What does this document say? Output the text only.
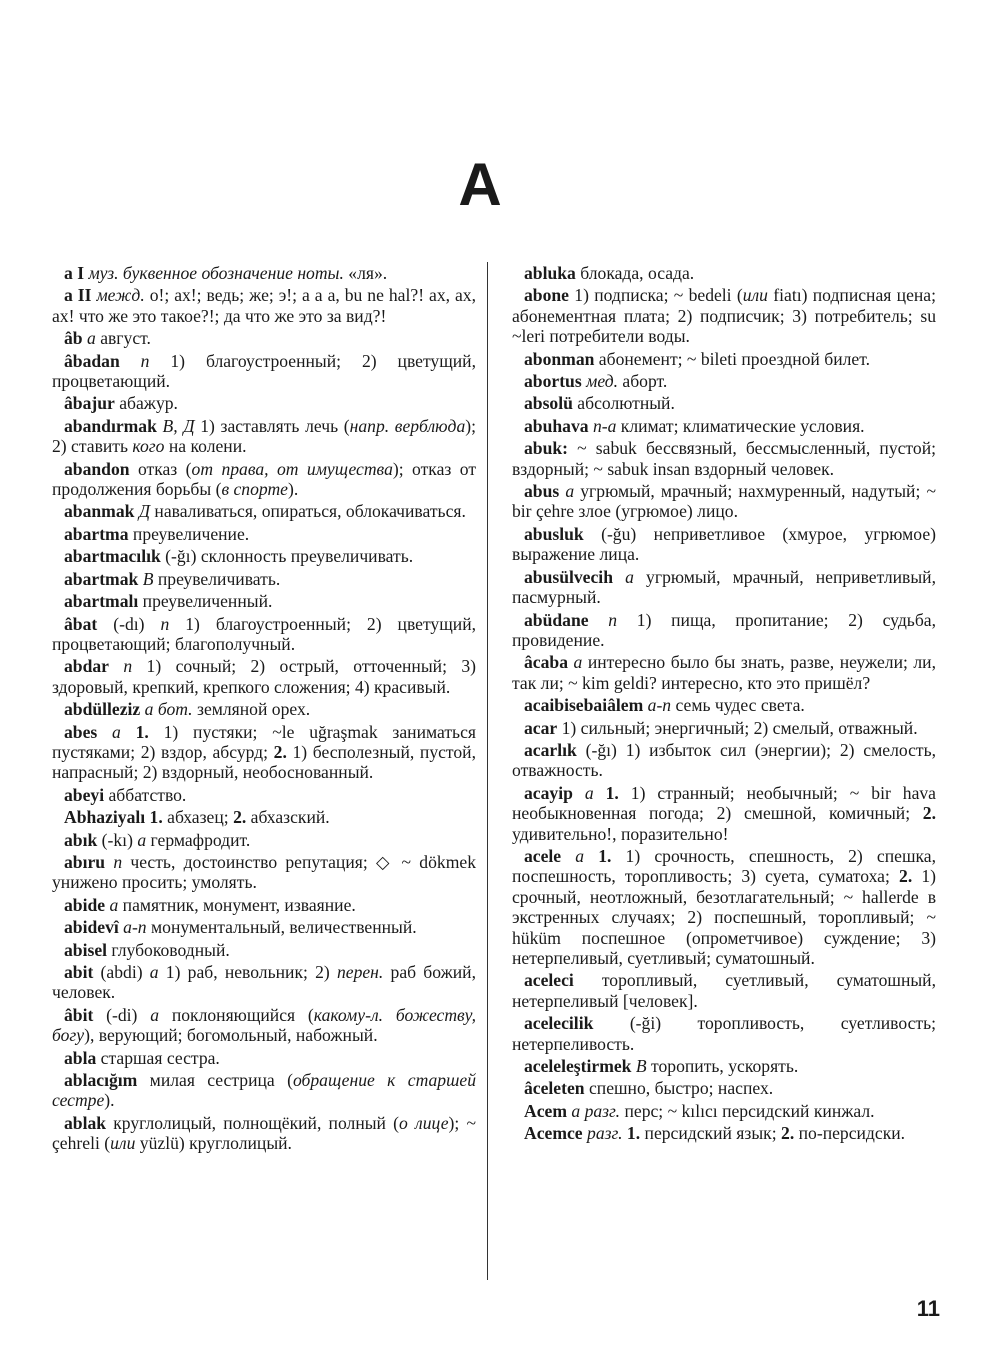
A

a I муз. буквенное обозначение ноты. «ля».

a II межд. о!; ах!; ведь; же; э!; а а а, bu ne hal?! ах, ах, ах! что же это такое?!; да что же это за вид?!

âb a август.

âbadan n 1) благоустроенный; 2) цветущий, процветающий.

âbajur абажур.

abandırmak В, Д 1) заставлять лечь (напр. верблюда); 2) ставить кого на колени.

abandon отказ (от права, от имущества); отказ от продолжения борьбы (в спорте).

abanmak Д наваливаться, опираться, облокачиваться.

abartma преувеличение.

abartmacılık (-ğı) склонность преувеличивать.

abartmak В преувеличивать.

abartmalı преувеличенный.

âbat (-dı) n 1) благоустроенный; 2) цветущий, процветающий; благополучный.

abdar n 1) сочный; 2) острый, отточенный; 3) здоровый, крепкий, крепкого сложения; 4) красивый.

abdülleziz a бот. земляной орех.

abes a 1. 1) пустяки; ~le uğraşmak заниматься пустяками; 2) вздор, абсурд; 2. 1) бесполезный, пустой, напрасный; 2) вздорный, необоснованный.

abeyi аббатство.

Abhaziyalı 1. абхазец; 2. абхазский.

abık (-kı) a гермафродит.

abıru n честь, достоинство репутация; ◇ ~ dökmek унижено просить; умолять.

abide a памятник, монумент, изваяние.

abidevî a-n монументальный, величественный.

abisel глубоководный.

abit (abdi) a 1) раб, невольник; 2) перен. раб божий, человек.

âbit (-di) a поклоняющийся (какому-л. божеству, богу), верующий; богомольный, набожный.

abla старшая сестра.

ablacığım милая сестрица (обращение к старшей сестре).

ablak круглолицый, полнощёкий, полный (о лице); ~ çehreli (или yüzlü) круглолицый.

abluka блокада, осада.

abone 1) подписка; ~ bedeli (или fiatı) подписная цена; абонементная плата; 2) подписчик; 3) потребитель; su ~leri потребители воды.

abonman абонемент; ~ bileti проездной билет.

abortus мед. аборт.

absolü абсолютный.

abuhava n-a климат; климатические условия.

abuk: ~ sabuk бессвязный, бессмысленный, пустой; вздорный; ~ sabuk insan вздорный человек.

abus a угрюмый, мрачный; нахмуренный, надутый; ~ bir çehre злое (угрюмое) лицо.

abusluk (-ğu) неприветливое (хмурое, угрюмое) выражение лица.

abusülvecih a угрюмый, мрачный, неприветливый, пасмурный.

abüdane n 1) пища, пропитание; 2) судьба, провидение.

âcaba a интересно было бы знать, разве, неужели; ли, так ли; ~ kim geldi? интересно, кто это пришёл?

acaibisebaiâlem a-n семь чудес света.

acar 1) сильный; энергичный; 2) смелый, отважный.

acarlık (-ğı) 1) избыток сил (энергии); 2) смелость, отважность.

acayip a 1. 1) странный; необычный; ~ bir hava необыкновенная погода; 2) смешной, комичный; 2. удивительно!, поразительно!

acele a 1. 1) срочность, спешность, 2) спешка, поспешность, торопливость; 3) суета, суматоха; 2. 1) срочный, неотложный, безотлагательный; ~ hallerde в экстренных случаях; 2) поспешный, торопливый; ~ hüküm поспешное (опрометчивое) суждение; 3) нетерпеливый, суетливый; суматошный.

aceleci торопливый, суетливый, суматошный, нетерпеливый [человек].

acelecilik (-ği) торопливость, суетливость; нетерпеливость.

aceleleştirmek В торопить, ускорять.

âceleten спешно, быстро; наспех.

Acem a разг. перс; ~ kılıcı персидский кинжал.

Acemce разг. 1. персидский язык; 2. по-персидски.

11
